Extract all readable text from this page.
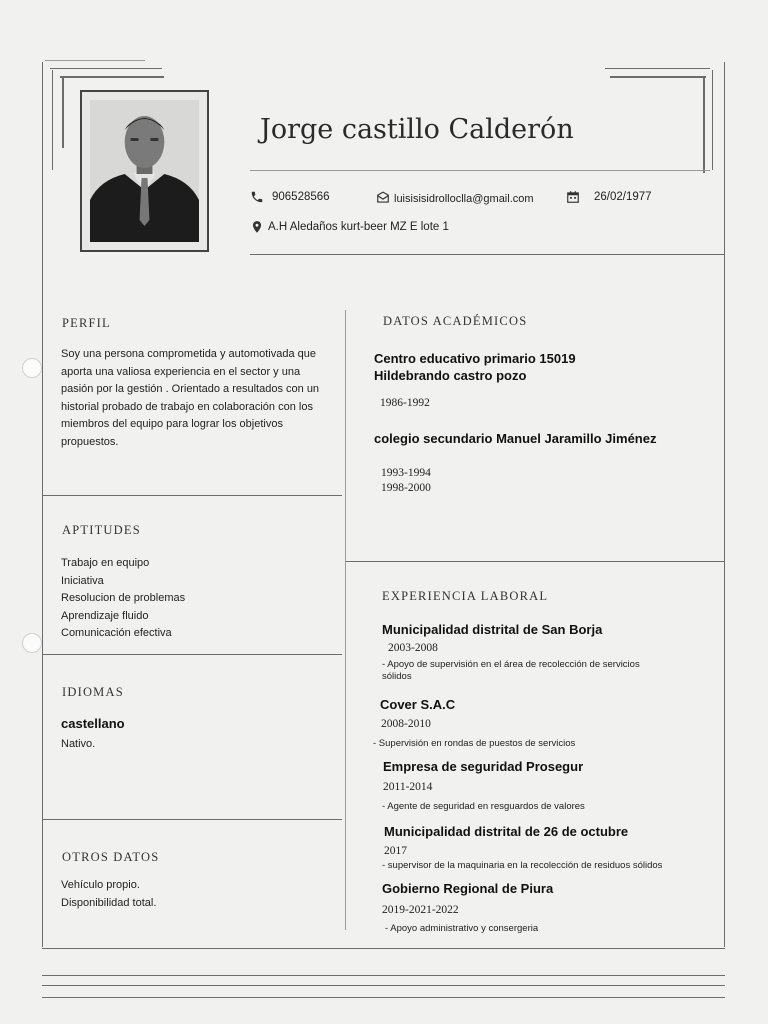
Jorge castillo Calderón
906528566	luisisisidrolloclla@gmail.com	26/02/1977
A.H Aledaños kurt-beer MZ E lote 1
PERFIL
Soy una persona comprometida y automotivada que
aporta una valiosa experiencia en el sector y una
pasión por la gestión . Orientado a resultados con un
historial probado de trabajo en colaboración con los
miembros del equipo para lograr los objetivos
propuestos.
APTITUDES
Trabajo en equipo
Iniciativa
Resolucion de problemas
Aprendizaje fluido
Comunicación efectiva
IDIOMAS
castellano
Nativo.
OTROS DATOS
Vehículo propio.
Disponibilidad total.
DATOS ACADÉMICOS
Centro educativo primario 15019
Hildebrando castro pozo
1986-1992
colegio secundario Manuel Jaramillo Jiménez
1993-1994
1998-2000
EXPERIENCIA LABORAL
Municipalidad distrital de San Borja
2003-2008
- Apoyo de supervisión en el área de recolección de servicios
sólidos
Cover S.A.C
2008-2010
- Supervisión en rondas de puestos de servicios
Empresa de seguridad Prosegur
2011-2014
- Agente de seguridad en resguardos de valores
Municipalidad distrital de 26 de octubre
2017
- supervisor de la maquinaria en la recolección de residuos sólidos
Gobierno Regional de Piura
2019-2021-2022
- Apoyo administrativo y consergeria
